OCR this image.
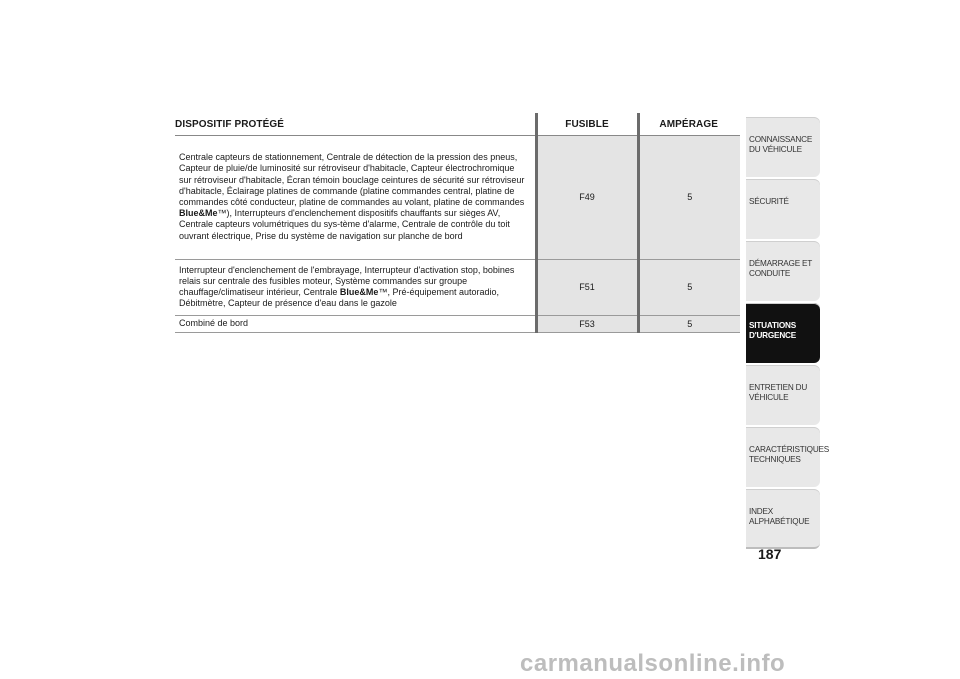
DISPOSITIF PROTÉGÉ	FUSIBLE	AMPÉRAGE
Centrale capteurs de stationnement, Centrale de détection de la pression des pneus, Capteur de pluie/de luminosité sur rétroviseur d'habitacle, Capteur électrochromique sur rétroviseur d'habitacle, Écran témoin bouclage ceintures de sécurité sur rétroviseur d'habitacle, Éclairage platines de commande (platine commandes central, platine de commandes côté conducteur, platine de commandes au volant, platine de commandes Blue&Me™), Interrupteurs d'enclenchement dispositifs chauffants sur sièges AV, Centrale capteurs volumétriques du sys-tème d'alarme, Centrale de contrôle du toit ouvrant électrique, Prise du système de navigation sur planche de bord	F49	5
Interrupteur d'enclenchement de l'embrayage, Interrupteur d'activation stop, bobines relais sur centrale des fusibles moteur, Système commandes sur groupe chauffage/climatiseur intérieur, Centrale Blue&Me™, Pré-équipement autoradio, Débitmètre, Capteur de présence d'eau dans le gazole	F51	5
Combiné de bord	F53	5
CONNAISSANCE DU VÉHICULE
SÉCURITÉ
DÉMARRAGE ET CONDUITE
SITUATIONS D'URGENCE
ENTRETIEN DU VÉHICULE
CARACTÉRISTIQUES TECHNIQUES
INDEX ALPHABÉTIQUE
187
carmanualsonline.info
